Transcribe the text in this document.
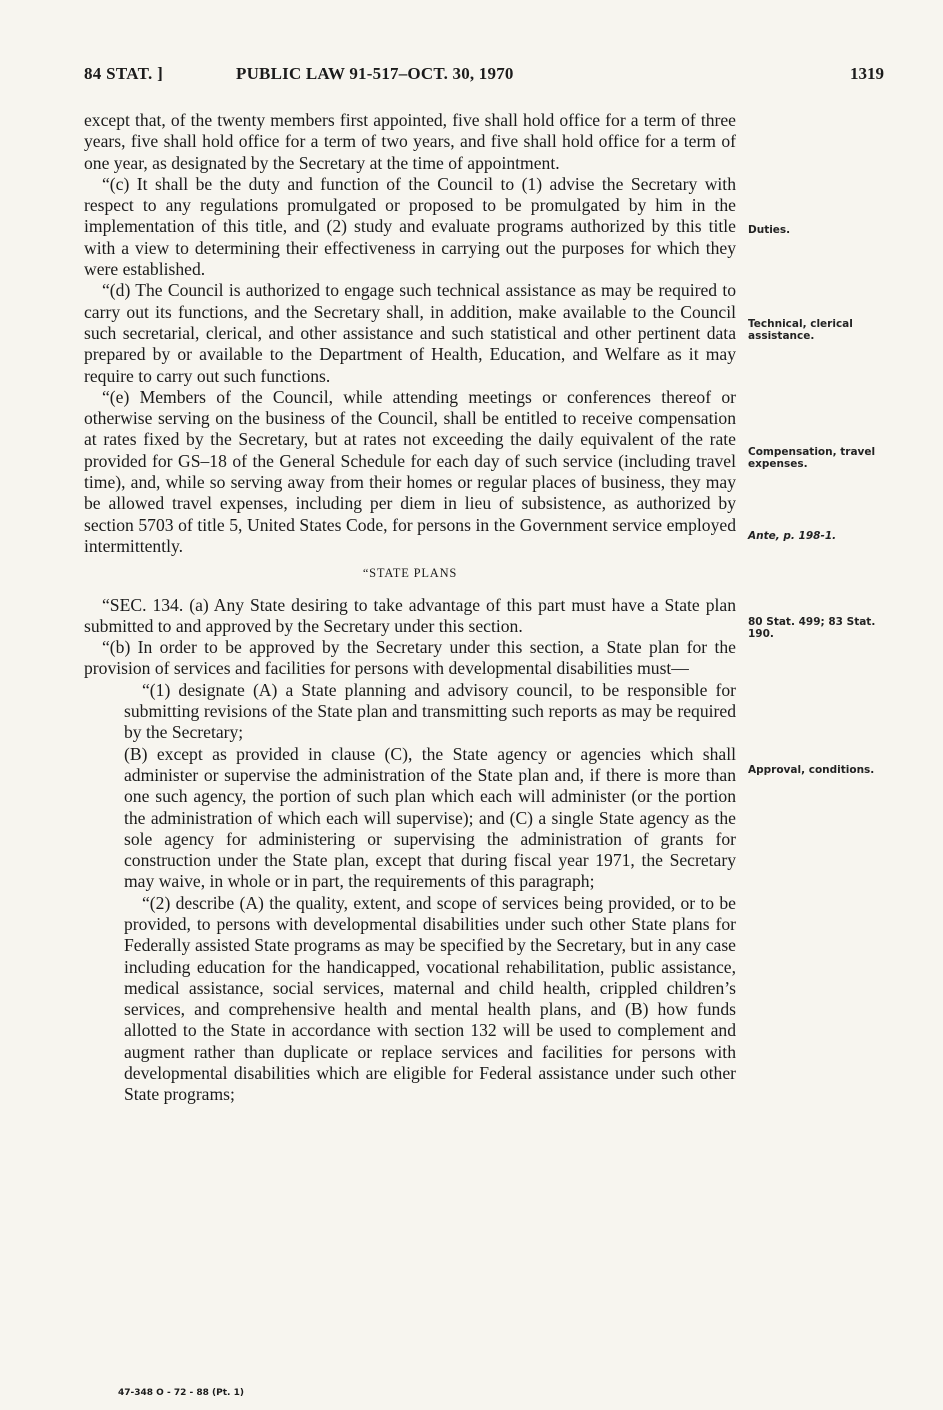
84 STAT. ]	PUBLIC LAW 91-517–OCT. 30, 1970	1319

except that, of the twenty members first appointed, five shall hold office for a term of three years, five shall hold office for a term of two years, and five shall hold office for a term of one year, as designated by the Secretary at the time of appointment.

“(c) It shall be the duty and function of the Council to (1) advise the Secretary with respect to any regulations promulgated or proposed to be promulgated by him in the implementation of this title, and (2) study and evaluate programs authorized by this title with a view to determining their effectiveness in carrying out the purposes for which they were established.

“(d) The Council is authorized to engage such technical assistance as may be required to carry out its functions, and the Secretary shall, in addition, make available to the Council such secretarial, clerical, and other assistance and such statistical and other pertinent data prepared by or available to the Department of Health, Education, and Welfare as it may require to carry out such functions.

“(e) Members of the Council, while attending meetings or conferences thereof or otherwise serving on the business of the Council, shall be entitled to receive compensation at rates fixed by the Secretary, but at rates not exceeding the daily equivalent of the rate provided for GS–18 of the General Schedule for each day of such service (including travel time), and, while so serving away from their homes or regular places of business, they may be allowed travel expenses, including per diem in lieu of subsistence, as authorized by section 5703 of title 5, United States Code, for persons in the Government service employed intermittently.

“STATE PLANS

“SEC. 134. (a) Any State desiring to take advantage of this part must have a State plan submitted to and approved by the Secretary under this section.

“(b) In order to be approved by the Secretary under this section, a State plan for the provision of services and facilities for persons with developmental disabilities must—

“(1) designate (A) a State planning and advisory council, to be responsible for submitting revisions of the State plan and transmitting such reports as may be required by the Secretary;

(B) except as provided in clause (C), the State agency or agencies which shall administer or supervise the administration of the State plan and, if there is more than one such agency, the portion of such plan which each will administer (or the portion the administration of which each will supervise); and (C) a single State agency as the sole agency for administering or supervising the administration of grants for construction under the State plan, except that during fiscal year 1971, the Secretary may waive, in whole or in part, the requirements of this paragraph;

“(2) describe (A) the quality, extent, and scope of services being provided, or to be provided, to persons with developmental disabilities under such other State plans for Federally assisted State programs as may be specified by the Secretary, but in any case including education for the handicapped, vocational rehabilitation, public assistance, medical assistance, social services, maternal and child health, crippled children’s services, and comprehensive health and mental health plans, and (B) how funds allotted to the State in accordance with section 132 will be used to complement and augment rather than duplicate or replace services and facilities for persons with developmental disabilities which are eligible for Federal assistance under such other State programs;

Duties.
Technical, clerical assistance.
Compensation, travel expenses.
Ante, p. 198-1.
80 Stat. 499; 83 Stat. 190.
Approval, conditions.
47-348 O - 72 - 88 (Pt. 1)
